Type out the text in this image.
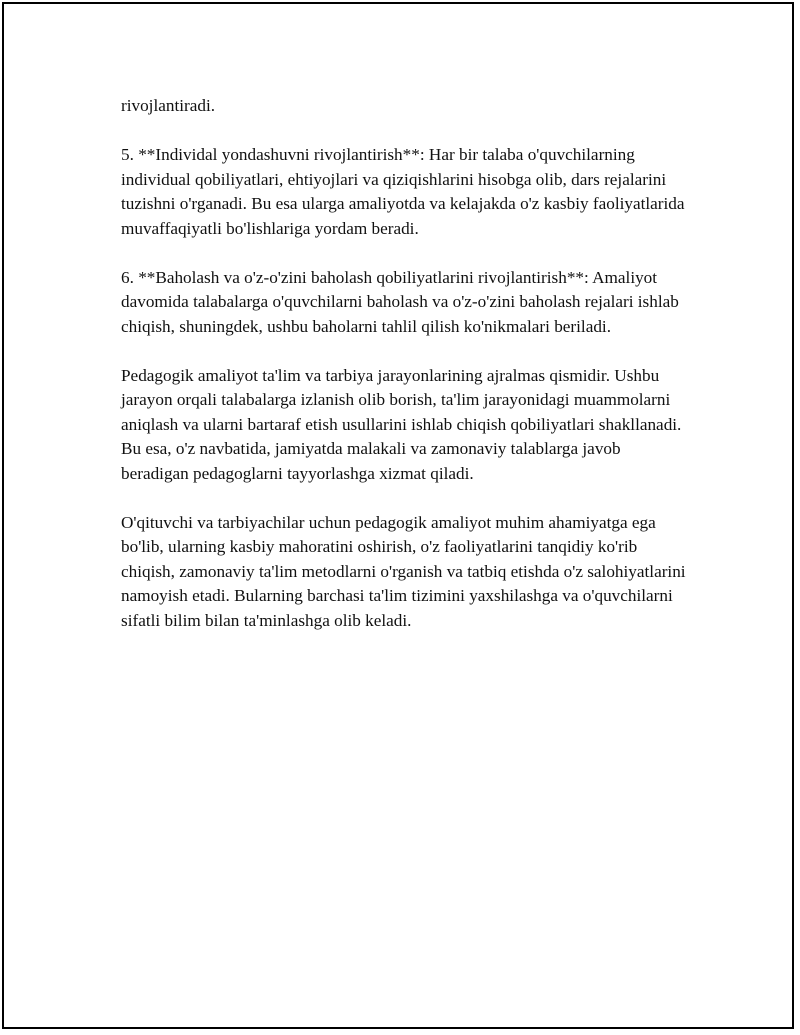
rivojlantiradi.

5. **Individal yondashuvni rivojlantirish**: Har bir talaba o'quvchilarning individual qobiliyatlari, ehtiyojlari va qiziqishlarini hisobga olib, dars rejalarini tuzishni o'rganadi. Bu esa ularga amaliyotda va kelajakda o'z kasbiy faoliyatlarida muvaffaqiyatli bo'lishlariga yordam beradi.

6. **Baholash va o'z-o'zini baholash qobiliyatlarini rivojlantirish**: Amaliyot davomida talabalarga o'quvchilarni baholash va o'z-o'zini baholash rejalari ishlab chiqish, shuningdek, ushbu baholarni tahlil qilish ko'nikmalari beriladi.

Pedagogik amaliyot ta'lim va tarbiya jarayonlarining ajralmas qismidir. Ushbu jarayon orqali talabalarga izlanish olib borish, ta'lim jarayonidagi muammolarni aniqlash va ularni bartaraf etish usullarini ishlab chiqish qobiliyatlari shakllanadi. Bu esa, o'z navbatida, jamiyatda malakali va zamonaviy talablarga javob beradigan pedagoglarni tayyorlashga xizmat qiladi.

O'qituvchi va tarbiyachilar uchun pedagogik amaliyot muhim ahamiyatga ega bo'lib, ularning kasbiy mahoratini oshirish, o'z faoliyatlarini tanqidiy ko'rib chiqish, zamonaviy ta'lim metodlarni o'rganish va tatbiq etishda o'z salohiyatlarini namoyish etadi. Bularning barchasi ta'lim tizimini yaxshilashga va o'quvchilarni sifatli bilim bilan ta'minlashga olib keladi.
